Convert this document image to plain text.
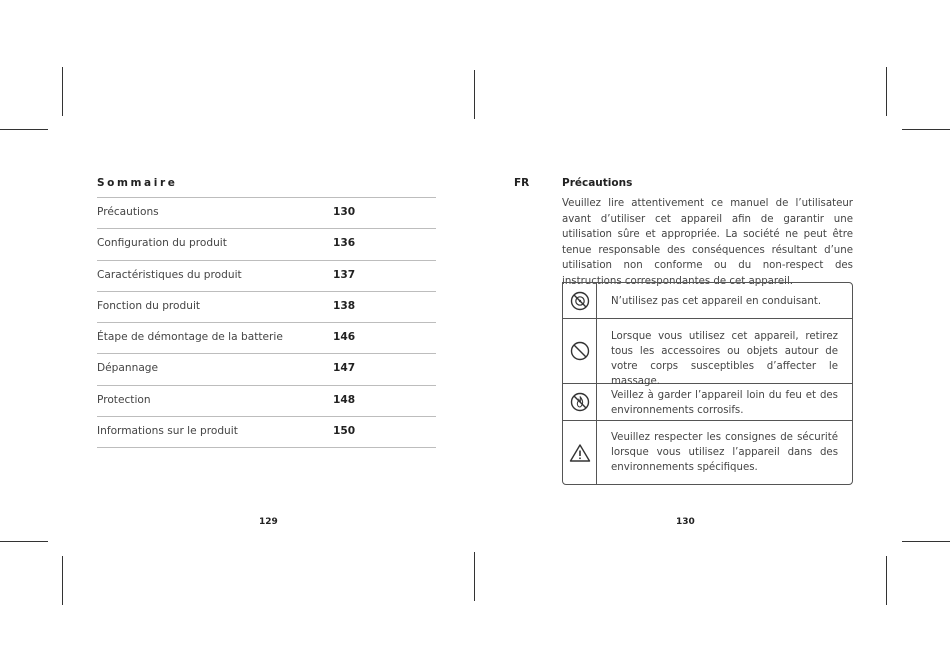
Sommaire
Précautions	130
Configuration du produit	136
Caractéristiques du produit	137
Fonction du produit	138
Étape de démontage de la batterie	146
Dépannage	147
Protection	148
Informations sur le produit	150
129
FR	Précautions
Veuillez lire attentivement ce manuel de l’utilisateur avant d’utiliser cet appareil afin de garantir une utilisation sûre et appropriée. La société ne peut être tenue responsable des conséquences résultant d’une utilisation non conforme ou du non-respect des instructions correspondantes de cet appareil.
N’utilisez pas cet appareil en conduisant.
Lorsque vous utilisez cet appareil, retirez tous les accessoires ou objets autour de votre corps susceptibles d’affecter le massage.
Veillez à garder l’appareil loin du feu et des environnements corrosifs.
Veuillez respecter les consignes de sécurité lorsque vous utilisez l’appareil dans des environnements spécifiques.
130
